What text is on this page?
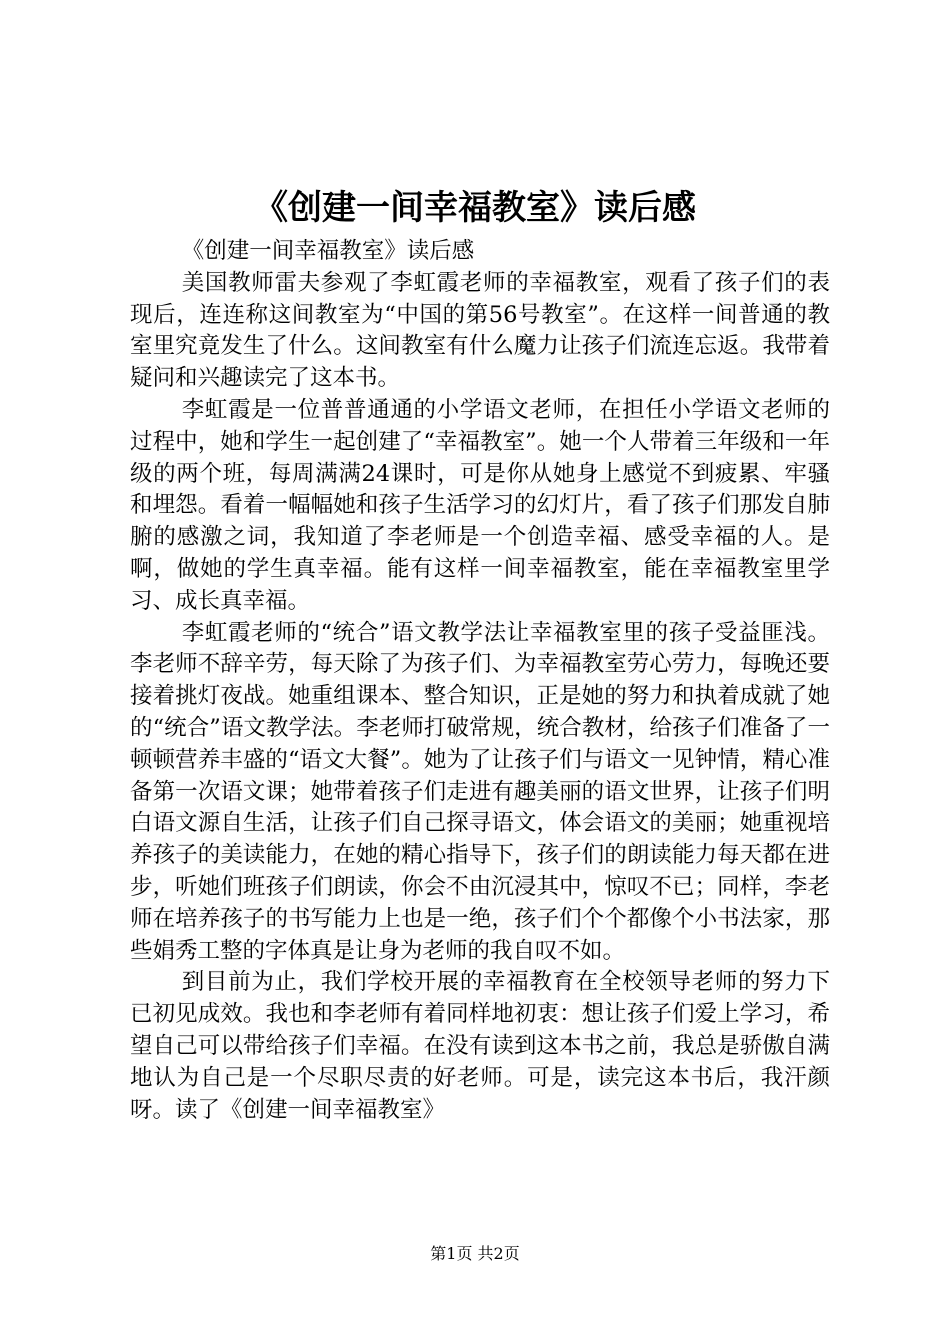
《创建一间幸福教室》读后感

《创建一间幸福教室》读后感

美国教师雷夫参观了李虹霞老师的幸福教室，观看了孩子们的表现后，连连称这间教室为“中国的第56号教室”。在这样一间普通的教室里究竟发生了什么。这间教室有什么魔力让孩子们流连忘返。我带着疑问和兴趣读完了这本书。

李虹霞是一位普普通通的小学语文老师，在担任小学语文老师的过程中，她和学生一起创建了“幸福教室”。她一个人带着三年级和一年级的两个班，每周满满24课时，可是你从她身上感觉不到疲累、牢骚和埋怨。看着一幅幅她和孩子生活学习的幻灯片，看了孩子们那发自肺腑的感激之词，我知道了李老师是一个创造幸福、感受幸福的人。是啊，做她的学生真幸福。能有这样一间幸福教室，能在幸福教室里学习、成长真幸福。

李虹霞老师的“统合”语文教学法让幸福教室里的孩子受益匪浅。李老师不辞辛劳，每天除了为孩子们、为幸福教室劳心劳力，每晚还要接着挑灯夜战。她重组课本、整合知识，正是她的努力和执着成就了她的“统合”语文教学法。李老师打破常规，统合教材，给孩子们准备了一顿顿营养丰盛的“语文大餐”。她为了让孩子们与语文一见钟情，精心准备第一次语文课；她带着孩子们走进有趣美丽的语文世界，让孩子们明白语文源自生活，让孩子们自己探寻语文，体会语文的美丽；她重视培养孩子的美读能力，在她的精心指导下，孩子们的朗读能力每天都在进步，听她们班孩子们朗读，你会不由沉浸其中，惊叹不已；同样，李老师在培养孩子的书写能力上也是一绝，孩子们个个都像个小书法家，那些娟秀工整的字体真是让身为老师的我自叹不如。

到目前为止，我们学校开展的幸福教育在全校领导老师的努力下已初见成效。我也和李老师有着同样地初衷：想让孩子们爱上学习，希望自己可以带给孩子们幸福。在没有读到这本书之前，我总是骄傲自满地认为自己是一个尽职尽责的好老师。可是，读完这本书后，我汗颜呀。读了《创建一间幸福教室》

第1页 共2页
